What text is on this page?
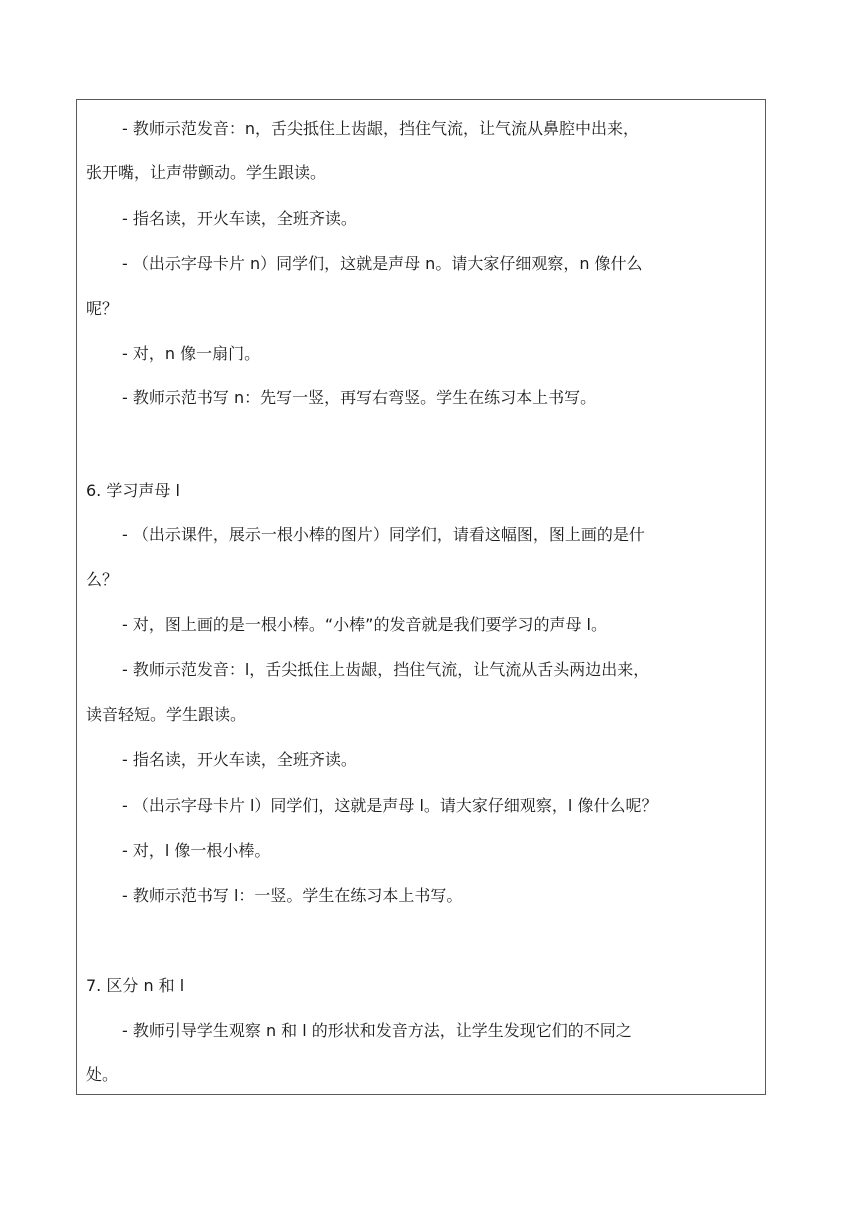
- 教师示范发音：n，舌尖抵住上齿龈，挡住气流，让气流从鼻腔中出来，
张开嘴，让声带颤动。学生跟读。
- 指名读，开火车读，全班齐读。
- （出示字母卡片 n）同学们，这就是声母 n。请大家仔细观察，n 像什么
呢？
- 对，n 像一扇门。
- 教师示范书写 n：先写一竖，再写右弯竖。学生在练习本上书写。
6. 学习声母 l
- （出示课件，展示一根小棒的图片）同学们，请看这幅图，图上画的是什
么？
- 对，图上画的是一根小棒。“小棒”的发音就是我们要学习的声母 l。
- 教师示范发音：l，舌尖抵住上齿龈，挡住气流，让气流从舌头两边出来，
读音轻短。学生跟读。
- 指名读，开火车读，全班齐读。
- （出示字母卡片 l）同学们，这就是声母 l。请大家仔细观察，l 像什么呢？
- 对，l 像一根小棒。
- 教师示范书写 l：一竖。学生在练习本上书写。
7. 区分 n 和 l
- 教师引导学生观察 n 和 l 的形状和发音方法，让学生发现它们的不同之
处。
